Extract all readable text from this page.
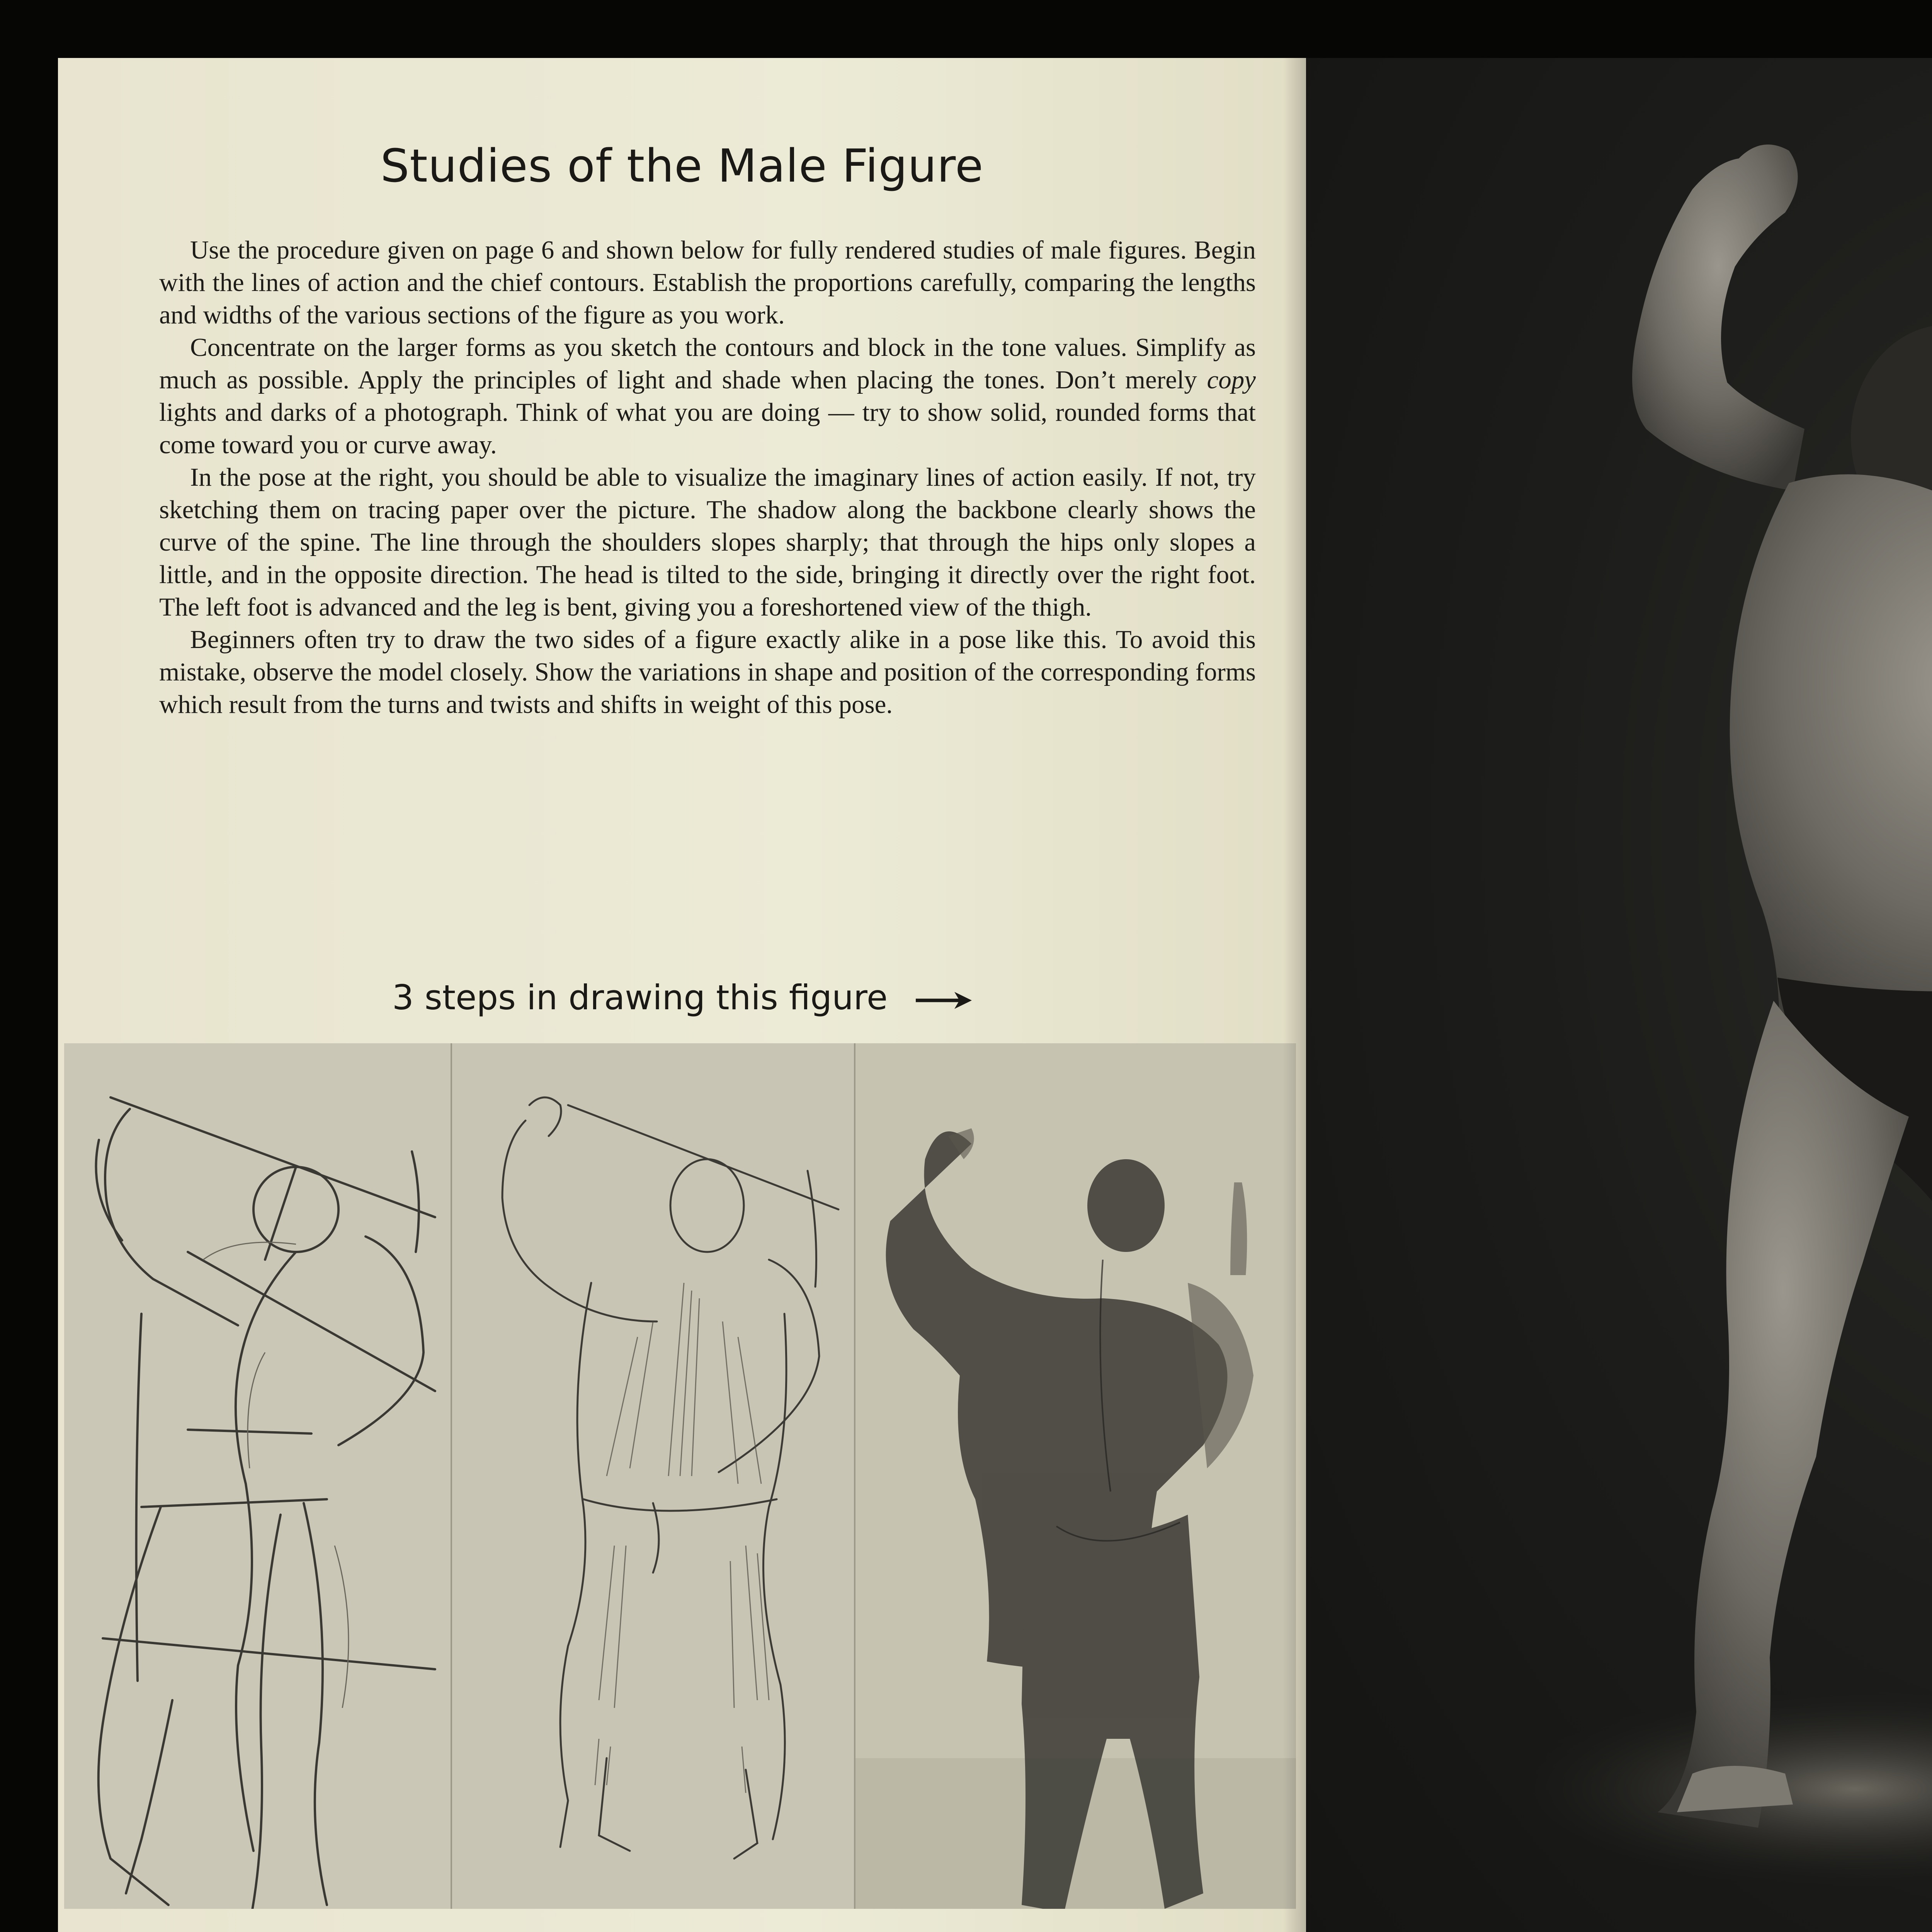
Studies of the Male Figure

Use the procedure given on page 6 and shown below for fully rendered studies of male figures. Begin with the lines of action and the chief contours. Establish the proportions carefully, comparing the lengths and widths of the various sections of the figure as you work.

Concentrate on the larger forms as you sketch the contours and block in the tone values. Simplify as much as possible. Apply the principles of light and shade when placing the tones. Don’t merely copy lights and darks of a photograph. Think of what you are doing — try to show solid, rounded forms that come toward you or curve away.

In the pose at the right, you should be able to visualize the imaginary lines of action easily. If not, try sketching them on tracing paper over the picture. The shadow along the backbone clearly shows the curve of the spine. The line through the shoulders slopes sharply; that through the hips only slopes a little, and in the opposite direction. The head is tilted to the side, bringing it directly over the right foot. The left foot is advanced and the leg is bent, giving you a foreshortened view of the thigh.

Beginners often try to draw the two sides of a figure exactly alike in a pose like this. To avoid this mistake, observe the model closely. Show the variations in shape and position of the corresponding forms which result from the turns and twists and shifts in weight of this pose.

3 steps in drawing this figure
